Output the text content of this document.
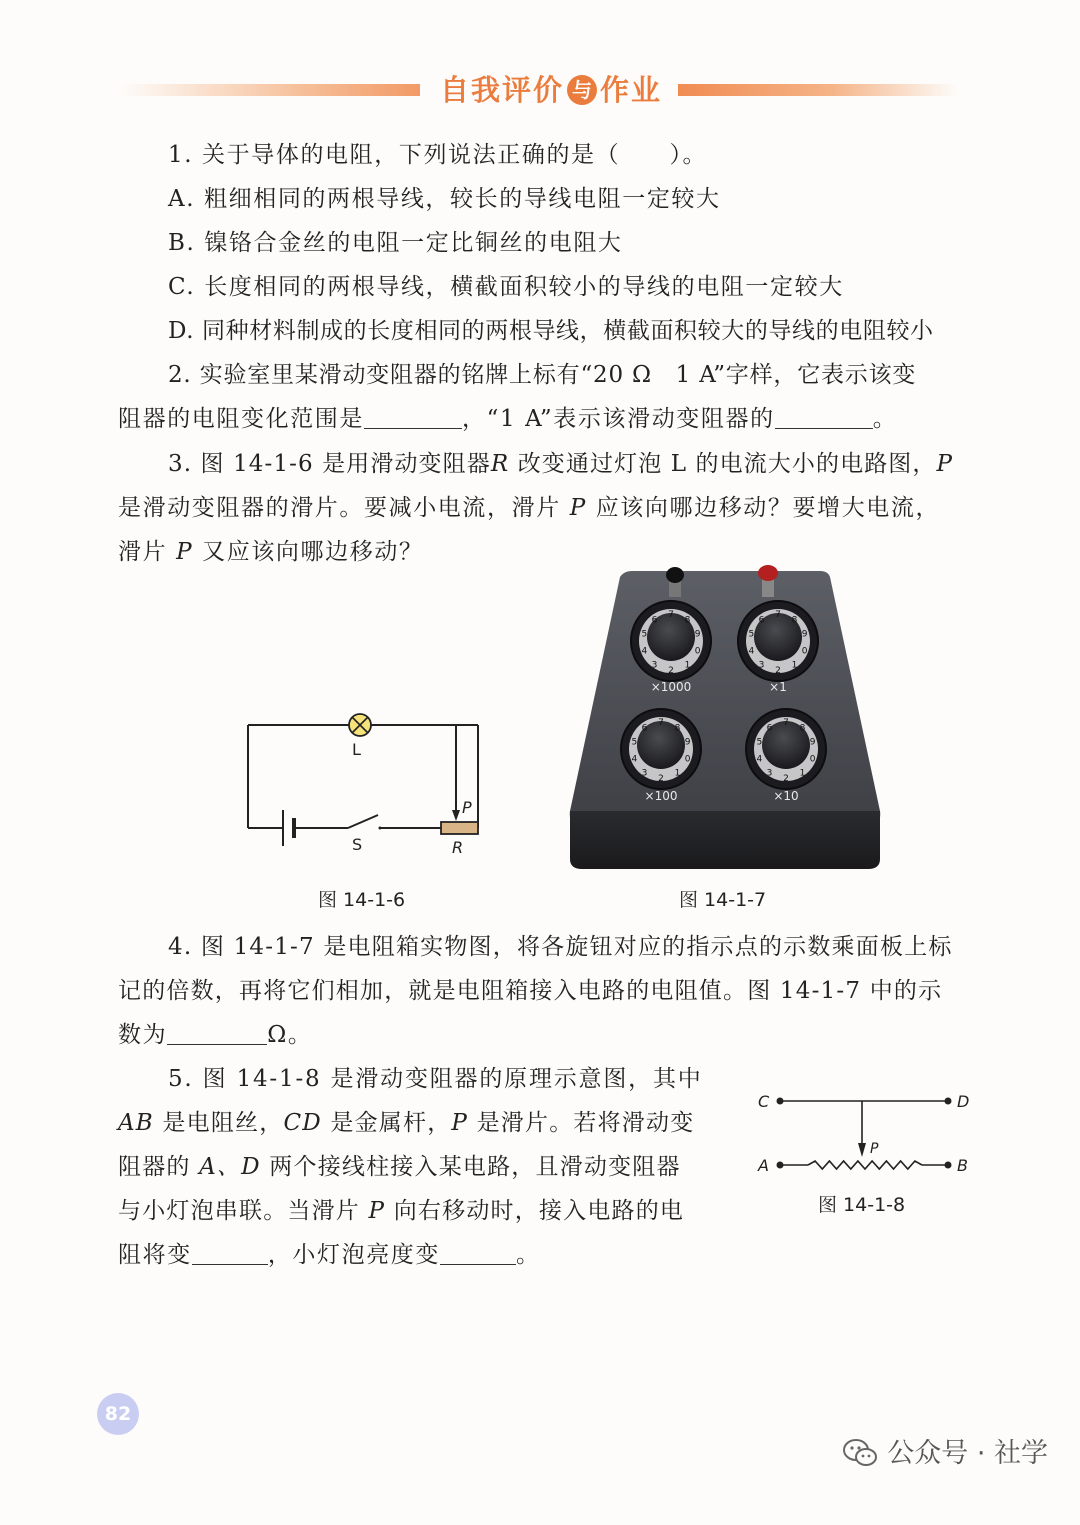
自我评价 与 作业
1. 关于导体的电阻，下列说法正确的是（　　）。
A. 粗细相同的两根导线，较长的导线电阻一定较大
B. 镍铬合金丝的电阻一定比铜丝的电阻大
C. 长度相同的两根导线，横截面积较小的导线的电阻一定较大
D. 同种材料制成的长度相同的两根导线，横截面积较大的导线的电阻较小
2. 实验室里某滑动变阻器的铭牌上标有“20 Ω　1 A”字样，它表示该变
阻器的电阻变化范围是	，“1 A”表示该滑动变阻器的	。
3. 图 14-1-6 是用滑动变阻器R 改变通过灯泡 L 的电流大小的电路图，P
是滑动变阻器的滑片。要减小电流，滑片 P 应该向哪边移动？要增大电流，
滑片 P 又应该向哪边移动？
L
P
S	R
图 14-1-6
0
1
2
3
4
5
6
7
8
9
0
1
2
3
4
5
6
7
8
9
0
1
2
3
4
5
6
7
8
9
0
1
2
3
4
5
6
7
8
9
×1000	×1
×100	×10
图 14-1-7
4. 图 14-1-7 是电阻箱实物图，将各旋钮对应的指示点的示数乘面板上标
记的倍数，再将它们相加，就是电阻箱接入电路的电阻值。图 14-1-7 中的示
数为	Ω。
5. 图 14-1-8 是滑动变阻器的原理示意图，其中
AB 是电阻丝，CD 是金属杆，P 是滑片。若将滑动变
阻器的 A、D 两个接线柱接入某电路，且滑动变阻器
与小灯泡串联。当滑片 P 向右移动时，接入电路的电
阻将变	，小灯泡亮度变	。
C	D
A	B
P
图 14-1-8
82
公众号 · 社学
